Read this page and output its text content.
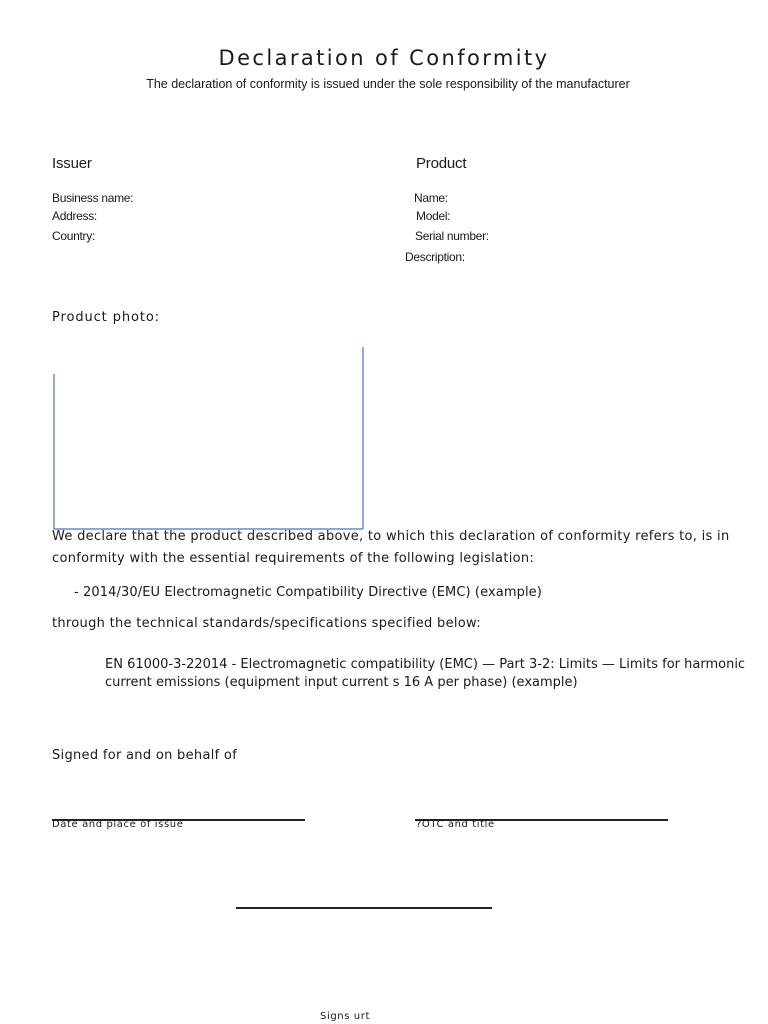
Declaration of Conformity
The declaration of conformity is issued under the sole responsibility of the manufacturer
Issuer
Business name:
Address:
Country:
Product
Name:
Model:
Serial number:
Description:
Product photo:
We declare that the product described above, to which this declaration of conformity refers to, is in
conformity with the essential requirements of the following legislation:
- 2014/30/EU Electromagnetic Compatibility Directive (EMC) (example)
through the technical standards/specifications specified below:
EN 61000-3-22014 - Electromagnetic compatibility (EMC) — Part 3-2: Limits — Limits for harmonic
current emissions (equipment input current s 16 A per phase) (example)
Signed for and on behalf of
Date and place of issue	?OTC and title
Signs urt
